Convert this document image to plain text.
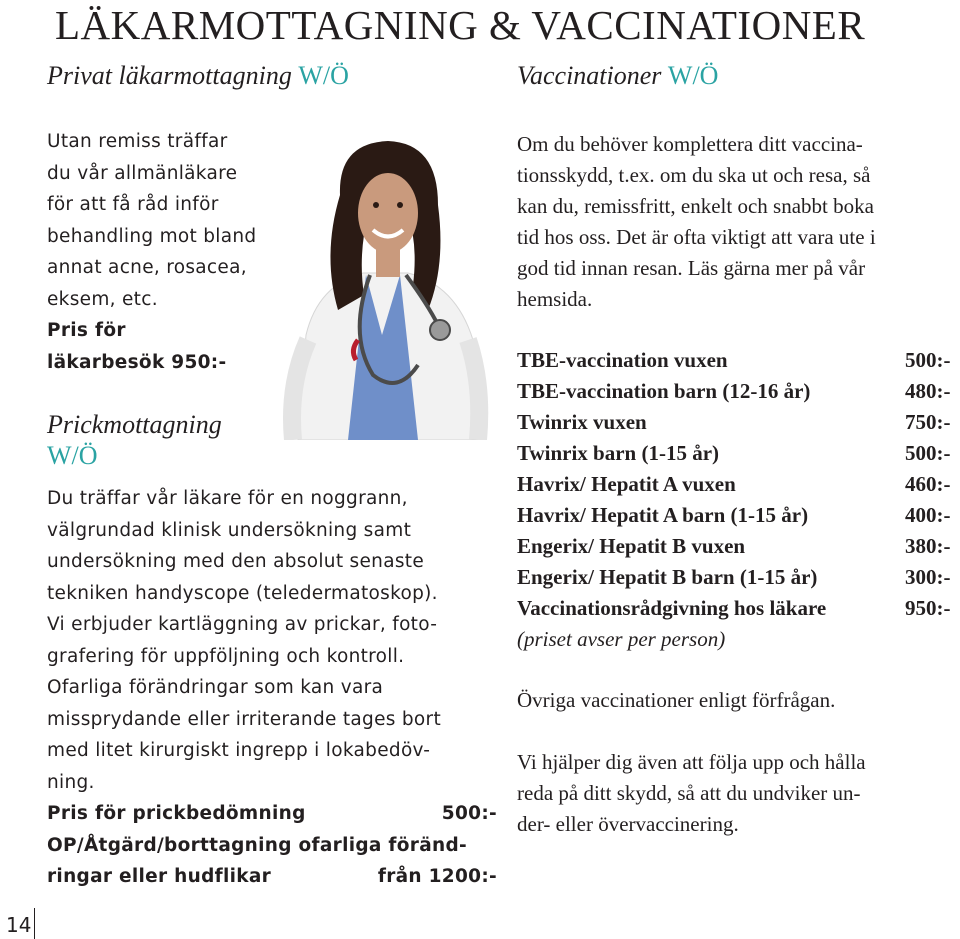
LÄKARMOTTAGNING & VACCINATIONER
Privat läkarmottagning W/Ö	Vaccinationer W/Ö
Utan remiss träffar
du vår allmänläkare
för att få råd inför
behandling mot bland
annat acne, rosacea,
eksem, etc.
Pris för
läkarbesök 950:-
Prickmottagning
W/Ö
Du träffar vår läkare för en noggrann,
välgrundad klinisk undersökning samt
undersökning med den absolut senaste
tekniken handyscope (teledermatoskop).
Vi erbjuder kartläggning av prickar, foto-
grafering för uppföljning och kontroll.
Ofarliga förändringar som kan vara
missprydande eller irriterande tages bort
med litet kirurgiskt ingrepp i lokabedöv-
ning.
Pris för prickbedömning	500:-
OP/Åtgärd/borttagning ofarliga föränd-
ringar eller hudflikar	från 1200:-
Om du behöver komplettera ditt vaccina-
tionsskydd, t.ex. om du ska ut och resa, så
kan du, remissfritt, enkelt och snabbt boka
tid hos oss. Det är ofta viktigt att vara ute i
god tid innan resan. Läs gärna mer på vår
hemsida.
TBE-vaccination vuxen	500:-
TBE-vaccination barn (12-16 år)	480:-
Twinrix vuxen	750:-
Twinrix barn (1-15 år)	500:-
Havrix/ Hepatit A vuxen	460:-
Havrix/ Hepatit A barn (1-15 år)	400:-
Engerix/ Hepatit B vuxen	380:-
Engerix/ Hepatit B barn (1-15 år)	300:-
Vaccinationsrådgivning hos läkare	950:-
(priset avser per person)
Övriga vaccinationer enligt förfrågan.
Vi hjälper dig även att följa upp och hålla
reda på ditt skydd, så att du undviker un-
der- eller övervaccinering.
14
